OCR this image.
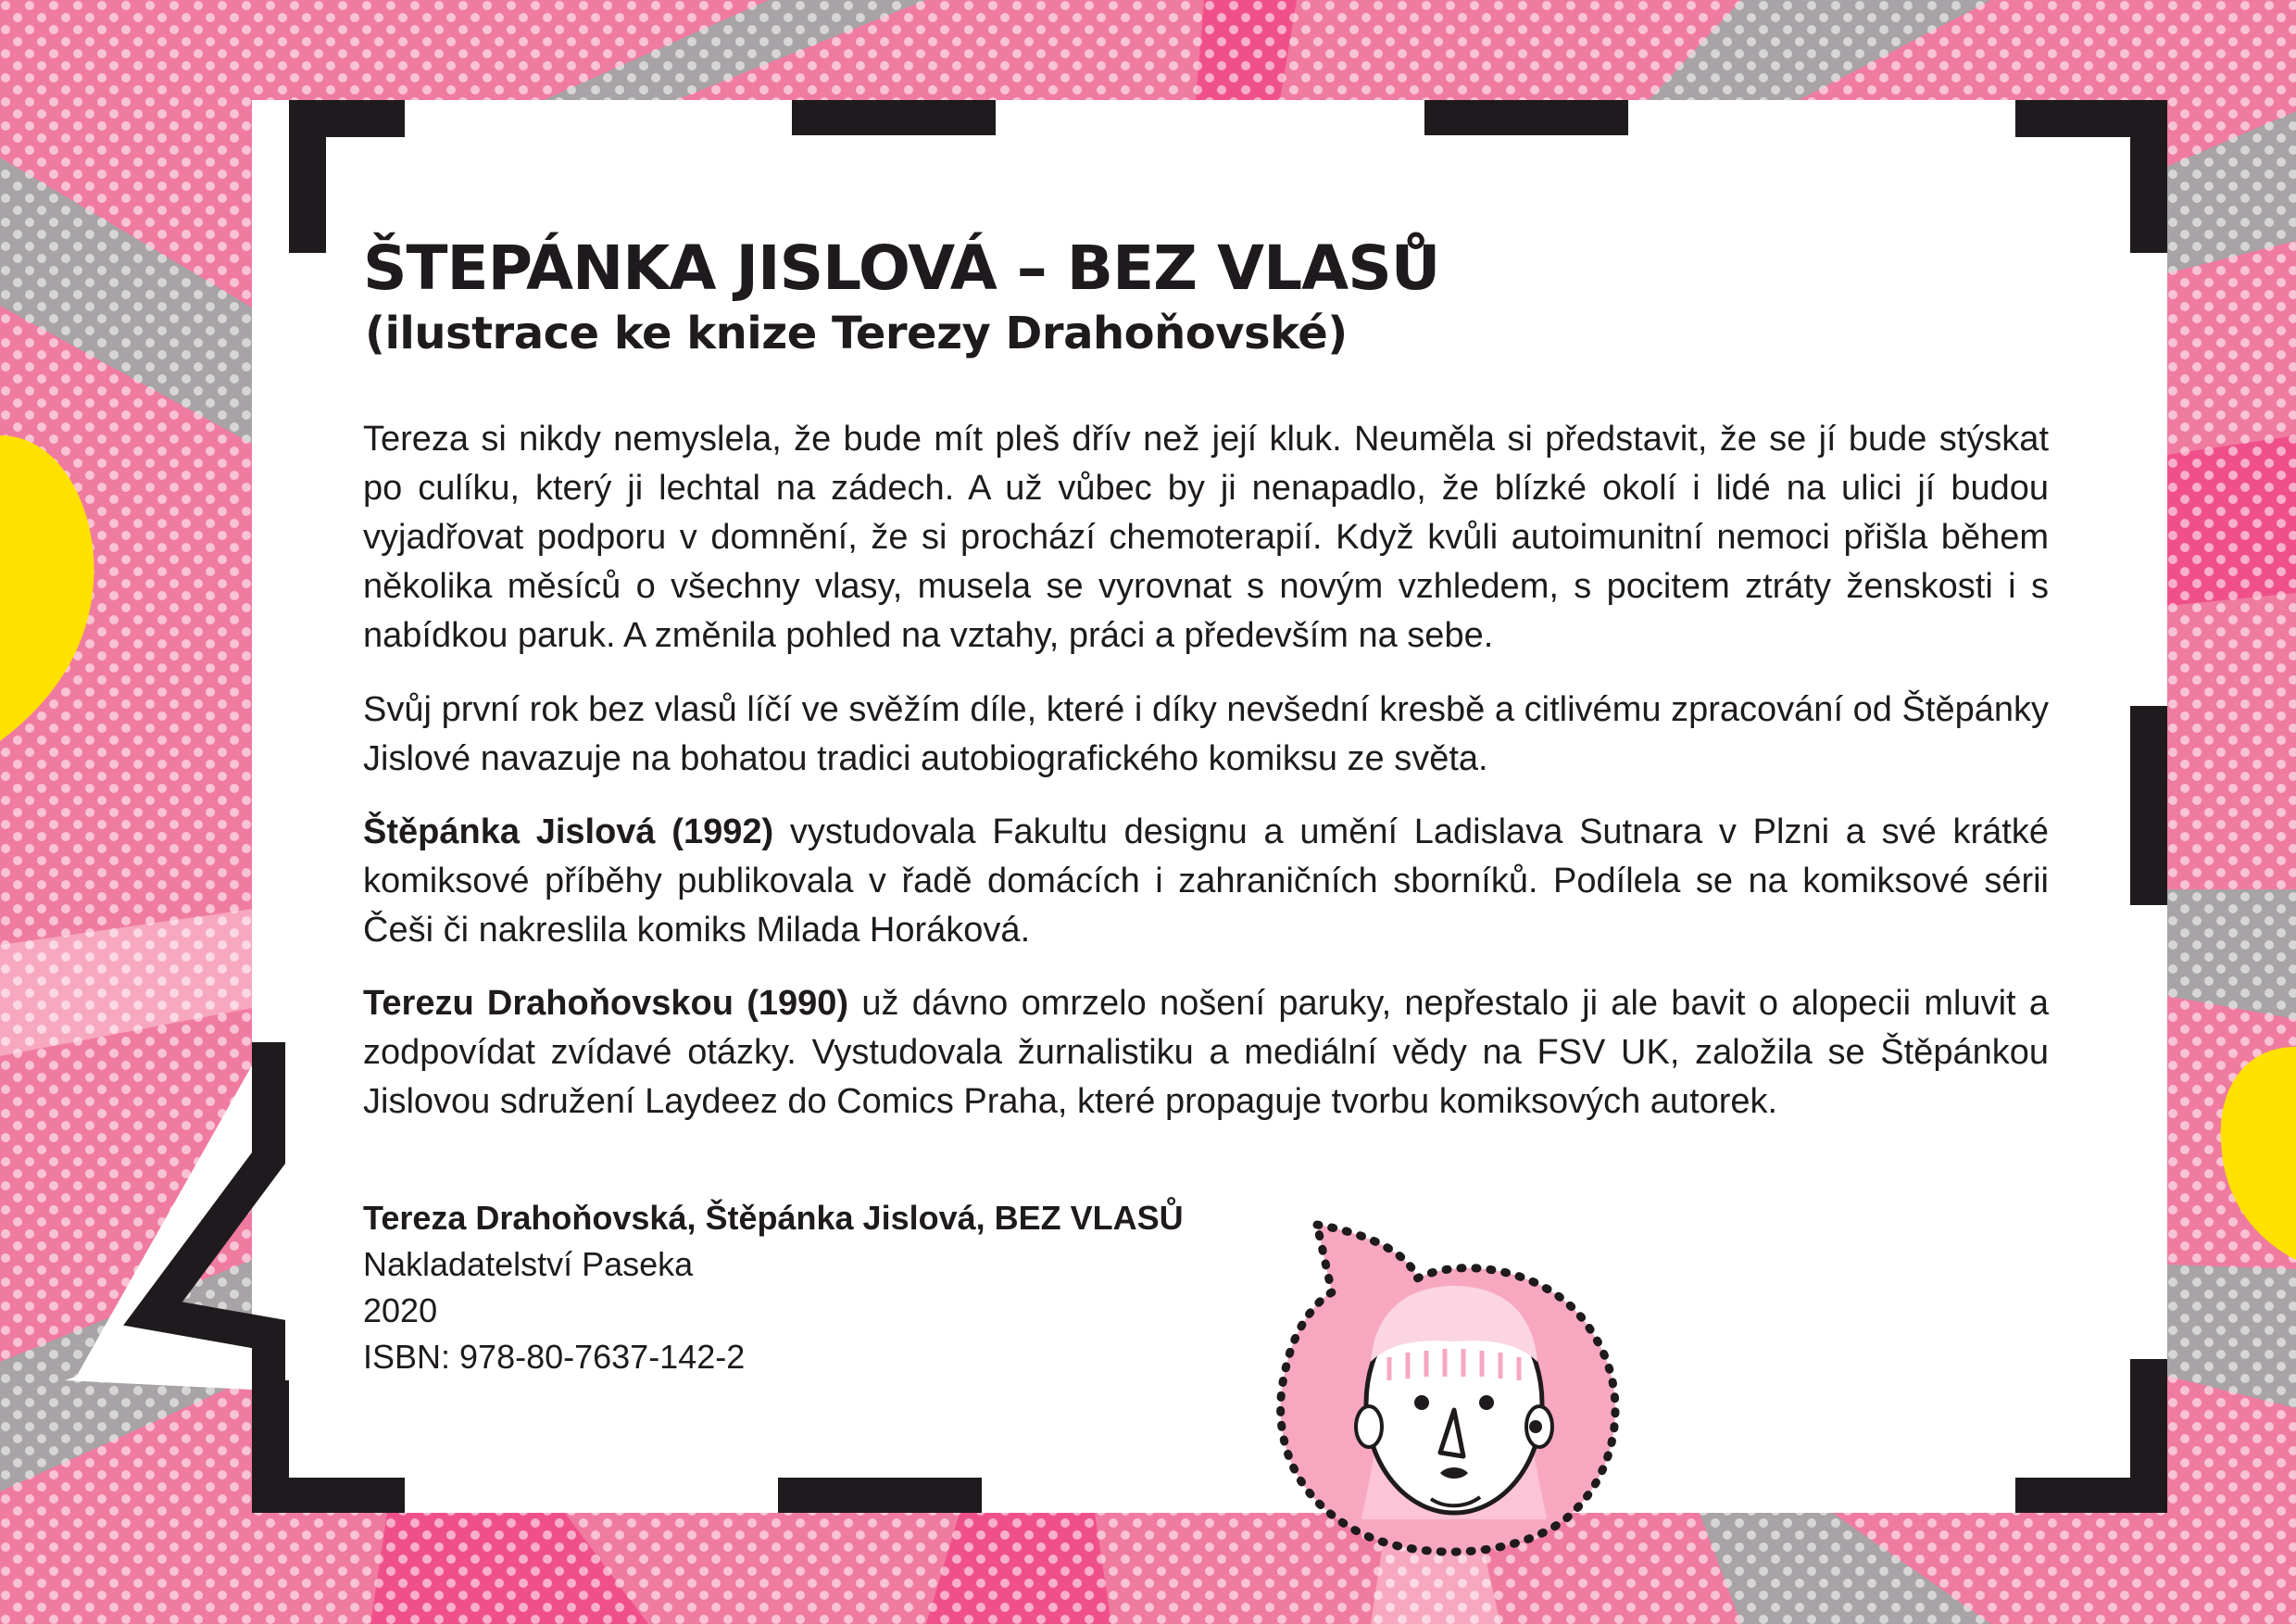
ŠTEPÁNKA JISLOVÁ – BEZ VLASŮ
(ilustrace ke knize Terezy Drahoňovské)

Tereza si nikdy nemyslela, že bude mít pleš dřív než její kluk. Neuměla si představit, že se jí bude stýskat po culíku, který ji lechtal na zádech. A už vůbec by ji nenapadlo, že blízké okolí i lidé na ulici jí budou vyjadřovat podporu v domnění, že si prochází chemoterapií. Když kvůli autoimunitní nemoci přišla během několika měsíců o všechny vlasy, musela se vyrovnat s novým vzhledem, s pocitem ztráty ženskosti i s nabídkou paruk. A změnila pohled na vztahy, práci a především na sebe.

Svůj první rok bez vlasů líčí ve svěžím díle, které i díky nevšední kresbě a citlivému zpracování od Štěpánky Jislové navazuje na bohatou tradici autobiografického komiksu ze světa.

Štěpánka Jislová (1992) vystudovala Fakultu designu a umění Ladislava Sutnara v Plzni a své krátké komiksové příběhy publikovala v řadě domácích i zahraničních sborníků. Podílela se na komiksové sérii Češi či nakreslila komiks Milada Horáková.

Terezu Drahoňovskou (1990) už dávno omrzelo nošení paruky, nepřestalo ji ale bavit o alopecii mluvit a zodpovídat zvídavé otázky. Vystudovala žurnalistiku a mediální vědy na FSV UK, založila se Štěpánkou Jislovou sdružení Laydeez do Comics Praha, které propaguje tvorbu komiksových autorek.

Tereza Drahoňovská, Štěpánka Jislová, BEZ VLASŮ
Nakladatelství Paseka
2020
ISBN: 978-80-7637-142-2
